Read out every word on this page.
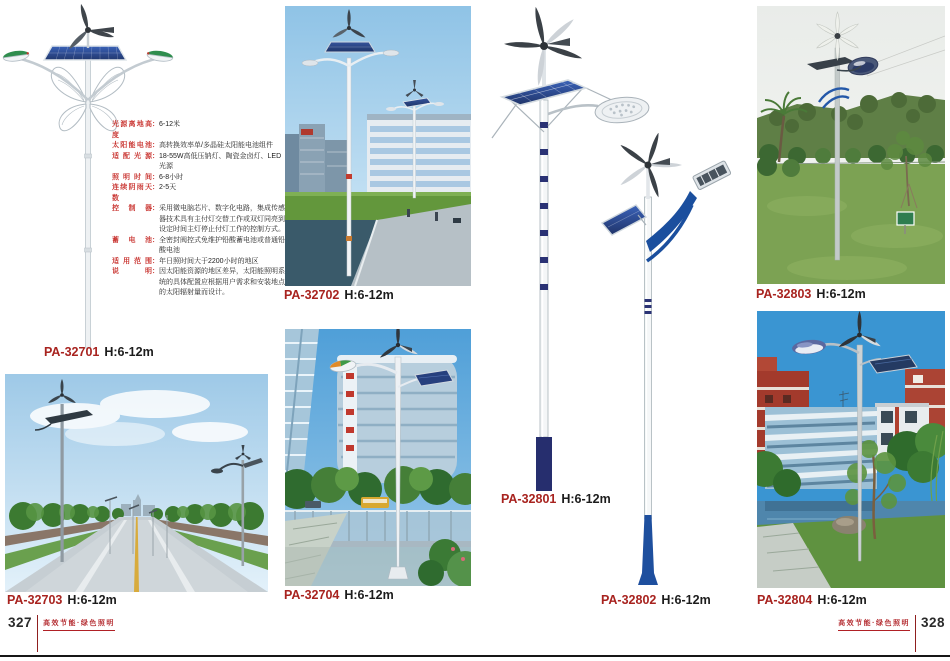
光源离地高度
： 6-12米
太阳能电池 ： 高转换效率单/多晶硅太阳能电池组件
适配光源 ： 18-55W高低压钠灯、陶瓷金卤灯、LED光源
照明时间 ： 6-8小时
连续阴雨天数
： 2-5天
控制器 ： 采用微电脑芯片、数字化电路，集成传感器技术具有主付灯交替工作或双灯同亮到设定时间主灯停止付灯工作的控制方式。
蓄电池 ： 全密封阀控式免维护铅酸蓄电池或普通铅酸电池
适用范围 ： 年日照时间大于2200小时的地区
说明 ： 因太阳能资源的地区差异，太阳能照明系统的具体配置应根据用户需求和安装地点的太阳辐射量而设计。
PA-32701 H:6-12m
PA-32703 H:6-12m
PA-32702 H:6-12m
PA-32704 H:6-12m
PA-32801 H:6-12m
PA-32802 H:6-12m
PA-32803 H:6-12m
PA-32804 H:6-12m
327 高效节能·绿色照明	高效节能·绿色照明 328
